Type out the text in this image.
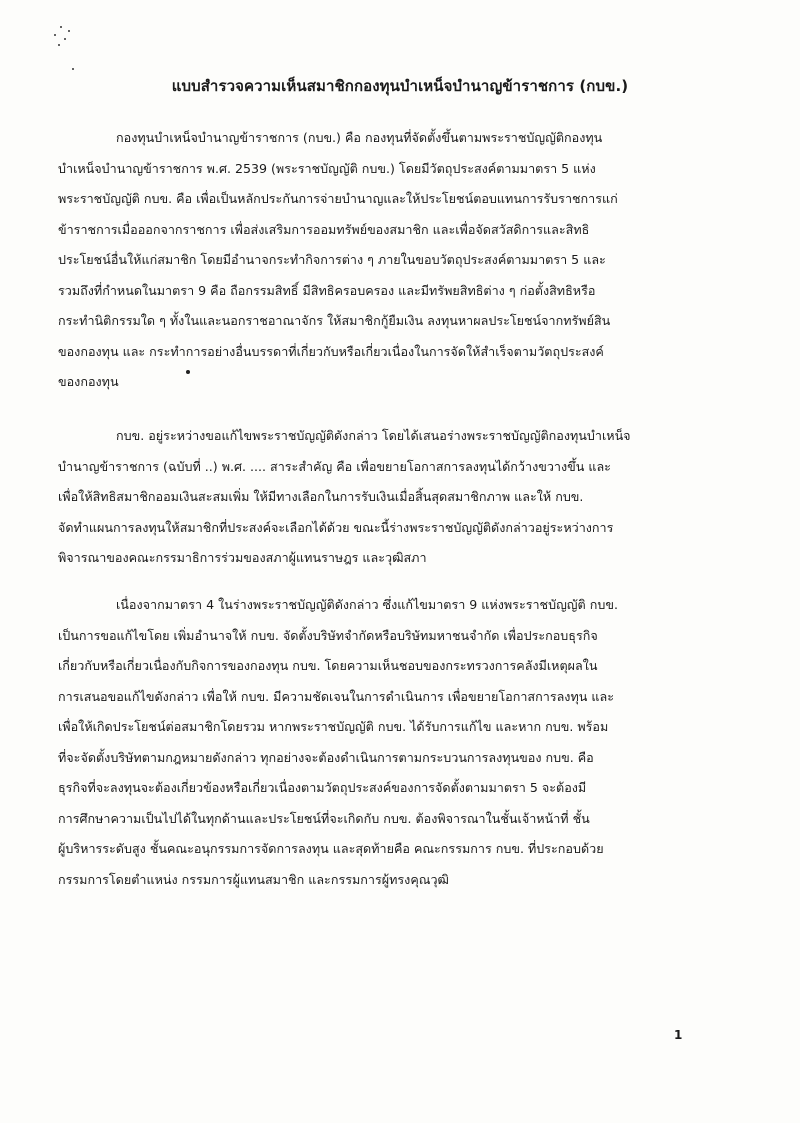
แบบสำรวจความเห็นสมาชิกกองทุนบำเหน็จบำนาญข้าราชการ (กบข.)
กองทุนบำเหน็จบำนาญข้าราชการ (กบข.) คือ กองทุนที่จัดตั้งขึ้นตามพระราชบัญญัติกองทุน
บำเหน็จบำนาญข้าราชการ พ.ศ. 2539 (พระราชบัญญัติ กบข.) โดยมีวัตถุประสงค์ตามมาตรา 5 แห่ง
พระราชบัญญัติ กบข. คือ เพื่อเป็นหลักประกันการจ่ายบำนาญและให้ประโยชน์ตอบแทนการรับราชการแก่
ข้าราชการเมื่อออกจากราชการ เพื่อส่งเสริมการออมทรัพย์ของสมาชิก และเพื่อจัดสวัสดิการและสิทธิ
ประโยชน์อื่นให้แก่สมาชิก โดยมีอำนาจกระทำกิจการต่าง ๆ ภายในขอบวัตถุประสงค์ตามมาตรา 5 และ
รวมถึงที่กำหนดในมาตรา 9 คือ ถือกรรมสิทธิ์ มีสิทธิครอบครอง และมีทรัพยสิทธิต่าง ๆ ก่อตั้งสิทธิหรือ
กระทำนิติกรรมใด ๆ ทั้งในและนอกราชอาณาจักร ให้สมาชิกกู้ยืมเงิน ลงทุนหาผลประโยชน์จากทรัพย์สิน
ของกองทุน และ กระทำการอย่างอื่นบรรดาที่เกี่ยวกับหรือเกี่ยวเนื่องในการจัดให้สำเร็จตามวัตถุประสงค์
ของกองทุน
กบข. อยู่ระหว่างขอแก้ไขพระราชบัญญัติดังกล่าว โดยได้เสนอร่างพระราชบัญญัติกองทุนบำเหน็จ
บำนาญข้าราชการ (ฉบับที่ ..) พ.ศ. .... สาระสำคัญ คือ เพื่อขยายโอกาสการลงทุนได้กว้างขวางขึ้น และ
เพื่อให้สิทธิสมาชิกออมเงินสะสมเพิ่ม ให้มีทางเลือกในการรับเงินเมื่อสิ้นสุดสมาชิกภาพ และให้ กบข.
จัดทำแผนการลงทุนให้สมาชิกที่ประสงค์จะเลือกได้ด้วย ขณะนี้ร่างพระราชบัญญัติดังกล่าวอยู่ระหว่างการ
พิจารณาของคณะกรรมาธิการร่วมของสภาผู้แทนราษฎร และวุฒิสภา
เนื่องจากมาตรา 4 ในร่างพระราชบัญญัติดังกล่าว ซึ่งแก้ไขมาตรา 9 แห่งพระราชบัญญัติ กบข.
เป็นการขอแก้ไขโดย เพิ่มอำนาจให้ กบข. จัดตั้งบริษัทจำกัดหรือบริษัทมหาชนจำกัด เพื่อประกอบธุรกิจ
เกี่ยวกับหรือเกี่ยวเนื่องกับกิจการของกองทุน กบข. โดยความเห็นชอบของกระทรวงการคลังมีเหตุผลใน
การเสนอขอแก้ไขดังกล่าว เพื่อให้ กบข. มีความชัดเจนในการดำเนินการ เพื่อขยายโอกาสการลงทุน และ
เพื่อให้เกิดประโยชน์ต่อสมาชิกโดยรวม หากพระราชบัญญัติ กบข. ได้รับการแก้ไข และหาก กบข. พร้อม
ที่จะจัดตั้งบริษัทตามกฎหมายดังกล่าว ทุกอย่างจะต้องดำเนินการตามกระบวนการลงทุนของ กบข. คือ
ธุรกิจที่จะลงทุนจะต้องเกี่ยวข้องหรือเกี่ยวเนื่องตามวัตถุประสงค์ของการจัดตั้งตามมาตรา 5 จะต้องมี
การศึกษาความเป็นไปได้ในทุกด้านและประโยชน์ที่จะเกิดกับ กบข. ต้องพิจารณาในชั้นเจ้าหน้าที่ ชั้น
ผู้บริหารระดับสูง ชั้นคณะอนุกรรมการจัดการลงทุน และสุดท้ายคือ คณะกรรมการ กบข. ที่ประกอบด้วย
กรรมการโดยตำแหน่ง กรรมการผู้แทนสมาชิก และกรรมการผู้ทรงคุณวุฒิ
1
